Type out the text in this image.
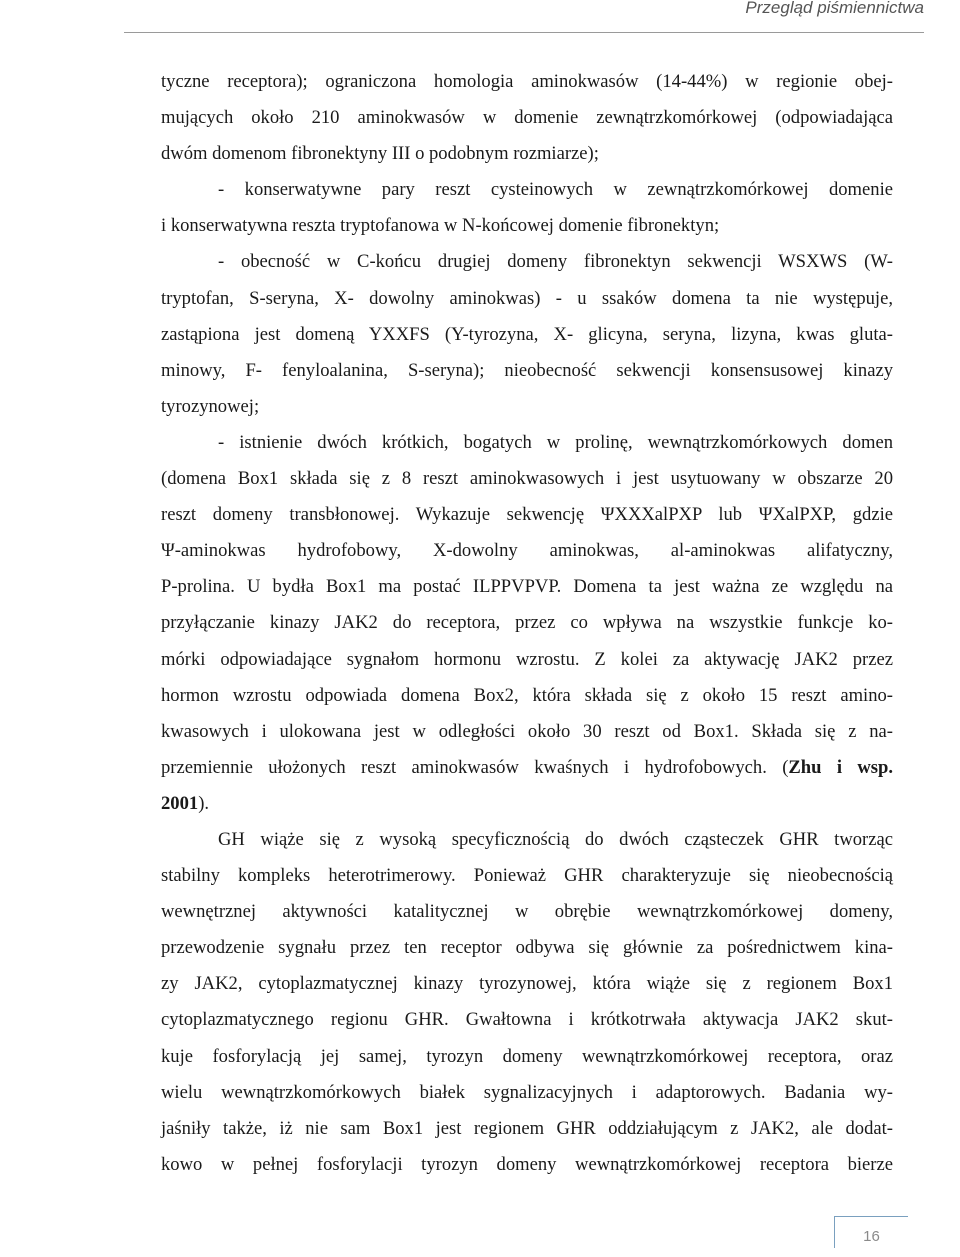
Przegląd piśmiennictwa
tyczne receptora); ograniczona homologia aminokwasów (14-44%) w regionie obej-
mujących około 210 aminokwasów w domenie zewnątrzkomórkowej (odpowiadająca
dwóm domenom fibronektyny III o podobnym rozmiarze);
- konserwatywne pary reszt cysteinowych w zewnątrzkomórkowej domenie
i konserwatywna reszta tryptofanowa w N-końcowej domenie fibronektyn;
- obecność w C-końcu drugiej domeny fibronektyn sekwencji WSXWS (W-
tryptofan, S-seryna, X- dowolny aminokwas) - u ssaków domena ta nie występuje,
zastąpiona jest domeną YXXFS (Y-tyrozyna, X- glicyna, seryna, lizyna, kwas gluta-
minowy, F- fenyloalanina, S-seryna); nieobecność sekwencji konsensusowej kinazy
tyrozynowej;
- istnienie dwóch krótkich, bogatych w prolinę, wewnątrzkomórkowych domen
(domena Box1 składa się z 8 reszt aminokwasowych i jest usytuowany w obszarze 20
reszt domeny transbłonowej. Wykazuje sekwencję ΨXXXalPXP lub ΨXalPXP, gdzie
Ψ-aminokwas hydrofobowy, X-dowolny aminokwas, al-aminokwas alifatyczny,
P-prolina. U bydła Box1 ma postać ILPPVPVP. Domena ta jest ważna ze względu na
przyłączanie kinazy JAK2 do receptora, przez co wpływa na wszystkie funkcje ko-
mórki odpowiadające sygnałom hormonu wzrostu. Z kolei za aktywację JAK2 przez
hormon wzrostu odpowiada domena Box2, która składa się z około 15 reszt amino-
kwasowych i ulokowana jest w odległości około 30 reszt od Box1. Składa się z na-
przemiennie ułożonych reszt aminokwasów kwaśnych i hydrofobowych. (Zhu i wsp.
2001).
GH wiąże się z wysoką specyficznością do dwóch cząsteczek GHR tworząc
stabilny kompleks heterotrimerowy. Ponieważ GHR charakteryzuje się nieobecnością
wewnętrznej aktywności katalitycznej w obrębie wewnątrzkomórkowej domeny,
przewodzenie sygnału przez ten receptor odbywa się głównie za pośrednictwem kina-
zy JAK2, cytoplazmatycznej kinazy tyrozynowej, która wiąże się z regionem Box1
cytoplazmatycznego regionu GHR. Gwałtowna i krótkotrwała aktywacja JAK2 skut-
kuje fosforylacją jej samej, tyrozyn domeny wewnątrzkomórkowej receptora, oraz
wielu wewnątrzkomórkowych białek sygnalizacyjnych i adaptorowych. Badania wy-
jaśniły także, iż nie sam Box1 jest regionem GHR oddziałującym z JAK2, ale dodat-
kowo w pełnej fosforylacji tyrozyn domeny wewnątrzkomórkowej receptora bierze
16
